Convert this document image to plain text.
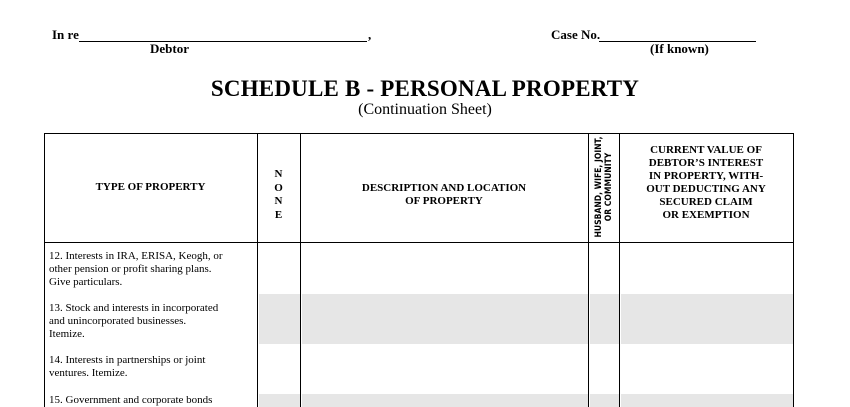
In re	,
Debtor
Case No.
(If known)
SCHEDULE B - PERSONAL PROPERTY
(Continuation Sheet)
TYPE OF PROPERTY
N
O
N
E
DESCRIPTION AND LOCATION
OF PROPERTY	HUSBAND, WIFE, JOINT, OR COMMUNITY
CURRENT VALUE OF
DEBTOR’S INTEREST
IN PROPERTY, WITH-
OUT DEDUCTING ANY
SECURED CLAIM
OR EXEMPTION
12. Interests in IRA, ERISA, Keogh, or
other pension or profit sharing plans.
Give particulars.
13. Stock and interests in incorporated
and unincorporated businesses.
Itemize.
14. Interests in partnerships or joint
ventures. Itemize.
15. Government and corporate bonds
